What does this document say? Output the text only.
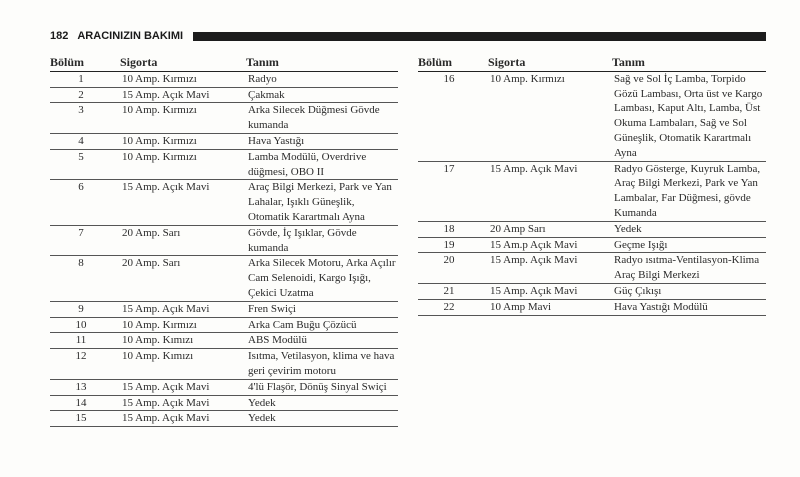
182 ARACINIZIN BAKIMI
Bölüm	Sigorta	Tanım
1	10 Amp. Kırmızı	Radyo
2	15 Amp. Açık Mavi	Çakmak
3	10 Amp. Kırmızı	Arka Silecek Düğmesi Gövde kumanda
4	10 Amp. Kırmızı	Hava Yastığı
5	10 Amp. Kırmızı	Lamba Modülü, Overdrive düğmesi, OBO II
6	15 Amp. Açık Mavi	Araç Bilgi Merkezi, Park ve Yan Lahalar, Işıklı Güneşlik, Otomatik Karartmalı Ayna
7	20 Amp. Sarı	Gövde, İç Işıklar, Gövde kumanda
8	20 Amp. Sarı	Arka Silecek Motoru, Arka Açılır Cam Selenoidi, Kargo Işığı, Çekici Uzatma
9	15 Amp. Açık Mavi	Fren Swiçi
10	10 Amp. Kırmızı	Arka Cam Buğu Çözücü
11	10 Amp. Kımızı	ABS Modülü
12	10 Amp. Kımızı	Isıtma, Vetilasyon, klima ve hava geri çevirim motoru
13	15 Amp. Açık Mavi	4'lü Flaşör, Dönüş Sinyal Swiçi
14	15 Amp. Açık Mavi	Yedek
15	15 Amp. Açık Mavi	Yedek
Bölüm	Sigorta	Tanım
16	10 Amp. Kırmızı	Sağ ve Sol İç Lamba, Torpido Gözü Lambası, Orta üst ve Kargo Lambası, Kaput Altı, Lamba, Üst Okuma Lambaları, Sağ ve Sol Güneşlik, Otomatik Karartmalı Ayna
17	15 Amp. Açık Mavi	Radyo Gösterge, Kuyruk Lamba, Araç Bilgi Merkezi, Park ve Yan Lambalar, Far Düğmesi, gövde Kumanda
18	20 Amp Sarı	Yedek
19	15 Am.p Açık Mavi	Geçme Işığı
20	15 Amp. Açık Mavi	Radyo ısıtma-Ventilasyon-Klima Araç Bilgi Merkezi
21	15 Amp. Açık Mavi	Güç Çıkışı
22	10 Amp Mavi	Hava Yastığı Modülü
